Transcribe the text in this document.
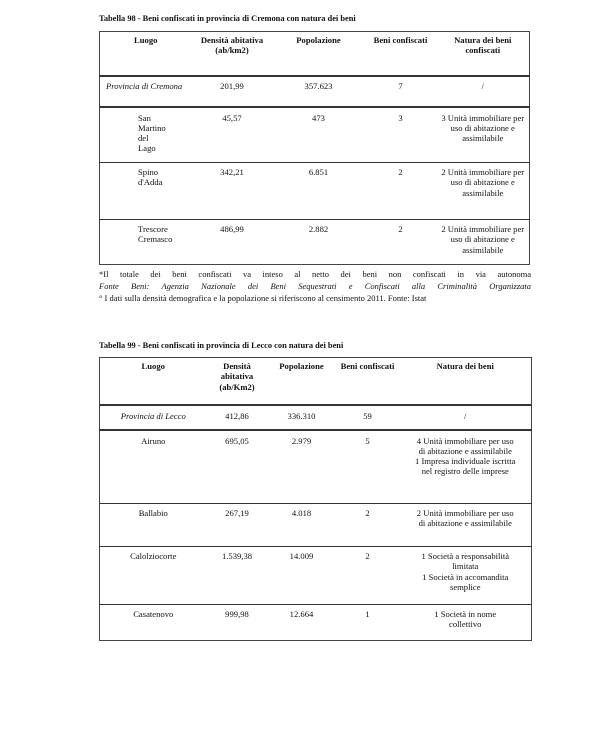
Tabella 98 - Beni confiscati in provincia di Cremona con natura dei beni
Luogo	Densità abitativa (ab/km2)	Popolazione	Beni confiscati	Natura dei beni confiscati
Provincia di Cremona	201,99	357.623	7	/
San Martino del Lago	45,57	473	3	3 Unità immobiliare per uso di abitazione e assimilabile
Spino d'Adda	342,21	6.851	2	2 Unità immobiliare per uso di abitazione e assimilabile
Trescore Cremasco	486,99	2.882	2	2 Unità immobiliare per uso di abitazione e assimilabile
*Il totale dei beni confiscati va inteso al netto dei beni non confiscati in via autonoma
Fonte Beni: Agenzia Nazionale dei Beni Sequestrati e Confiscati alla Criminalità Organizzata
° I dati sulla densità demografica e la popolazione si riferiscono al censimento 2011. Fonte: Istat
Tabella 99 - Beni confiscati in provincia di Lecco con natura dei beni
Luogo	Densità abitativa (ab/Km2)	Popolazione	Beni confiscati	Natura dei beni
Provincia di Lecco	412,86	336.310	59	/
Airuno	695,05	2.979	5	4 Unità immobiliare per uso di abitazione e assimilabile
1 Impresa individuale iscritta nel registro delle imprese

Ballabio	267,19	4.018	2	2 Unità immobiliare per uso di abitazione e assimilabile

Calolziocorte	1.539,38	14.009	2	1 Società a responsabilità limitata
1 Società in accomandita semplice

Casatenovo	999,98	12.664	1	1 Società in nome collettivo
